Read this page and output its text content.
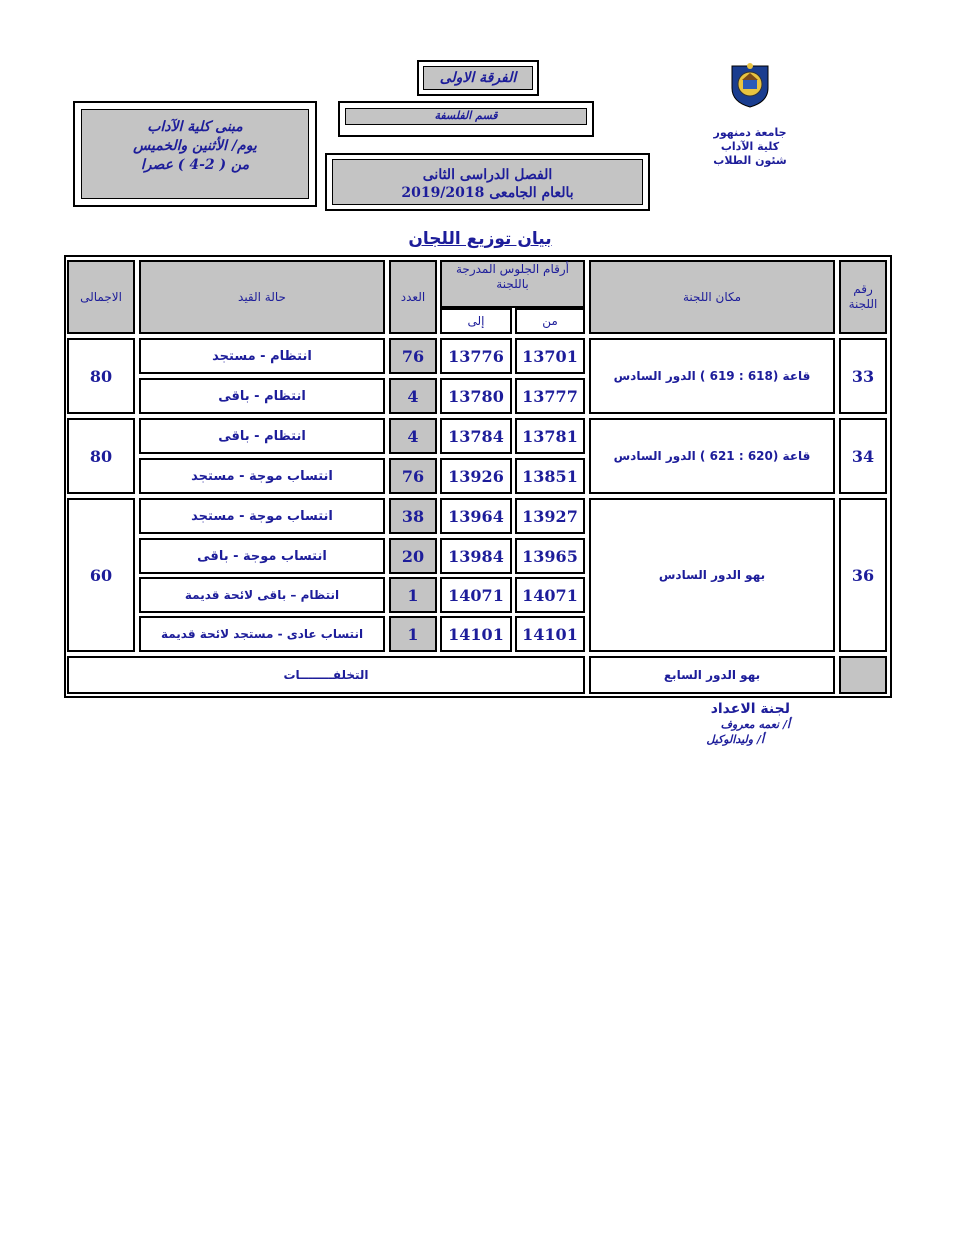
جامعة دمنهور
كلية الآداب
شئون الطلاب
الفرقة الاولى
قسم الفلسفة
الفصل الدراسى الثانى
بالعام الجامعى 2019/2018
مبنى كلية الآداب
يوم/ الأثنين والخميس
من ( 2-4 ) عصرا
بيان توزيع اللجان
رقم اللجنة
مكان اللجنة
أرقام الجلوس المدرجة باللجنة
من
إلى
العدد
حالة القيد
الاجمالى
33
قاعة (618 : 619 ) الدور السادس
80
13701
13776
76
انتظام - مستجد
13777
13780
4
انتظام - باقى
34
قاعة (620 : 621 ) الدور السادس
80
13781
13784
4
انتظام - باقى
13851
13926
76
انتساب موجة - مستجد
36
بهو الدور السادس
60
13927
13964
38
انتساب موجة - مستجد
13965
13984
20
انتساب موجة - باقى
14071
14071
1
انتظام – باقى لائحة قديمة
14101
14101
1
انتساب عادى - مستجد لائحة قديمة
بهو الدور السابع
التخلفــــــــات
لجنة الاعداد
أ/ نعمه معروف
أ/ وليدالوكيل
